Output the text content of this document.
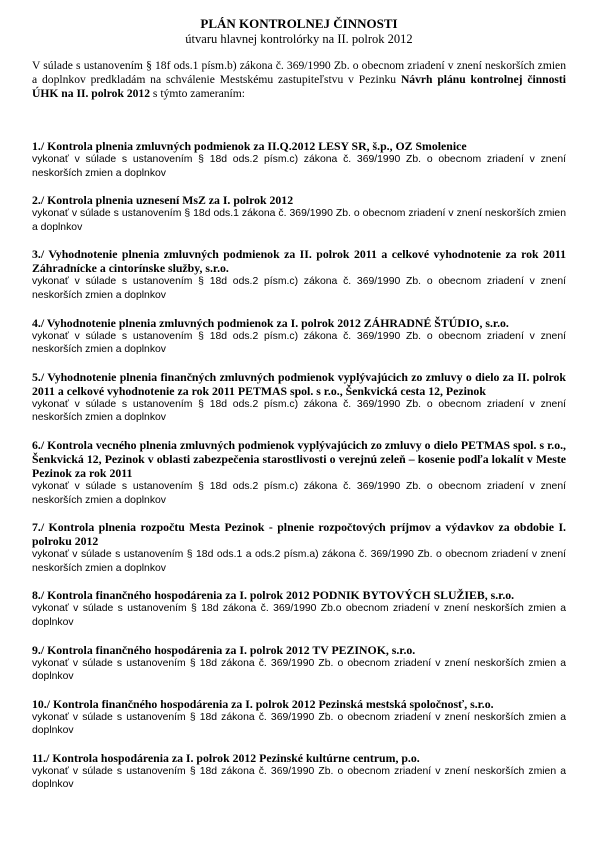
PLÁN KONTROLNEJ ČINNOSTI

útvaru hlavnej kontrolórky na II. polrok 2012

V súlade s ustanovením § 18f ods.1 písm.b) zákona č. 369/1990 Zb. o obecnom zriadení v znení neskorších zmien a doplnkov predkladám na schválenie Mestskému zastupiteľstvu v Pezinku Návrh plánu kontrolnej činnosti ÚHK na II. polrok 2012 s týmto zameraním:

1./ Kontrola plnenia zmluvných podmienok za II.Q.2012 LESY SR, š.p., OZ Smolenice
vykonať v súlade s ustanovením § 18d ods.2 písm.c) zákona č. 369/1990 Zb. o obecnom zriadení v znení neskorších zmien a doplnkov
2./ Kontrola plnenia uznesení MsZ za I. polrok 2012
vykonať v súlade s ustanovením § 18d ods.1 zákona č. 369/1990 Zb. o obecnom zriadení v znení neskorších zmien a doplnkov
3./ Vyhodnotenie plnenia zmluvných podmienok za II. polrok 2011 a celkové vyhodnotenie za rok 2011 Záhradnícke a cintorínske služby, s.r.o.
vykonať v súlade s ustanovením § 18d ods.2 písm.c) zákona č. 369/1990 Zb. o obecnom zriadení v znení neskorších zmien a doplnkov
4./ Vyhodnotenie plnenia zmluvných podmienok za I. polrok 2012 ZÁHRADNÉ ŠTÚDIO, s.r.o.
vykonať v súlade s ustanovením § 18d ods.2 písm.c) zákona č. 369/1990 Zb. o obecnom zriadení v znení neskorších zmien a doplnkov
5./ Vyhodnotenie plnenia finančných zmluvných podmienok vyplývajúcich zo zmluvy o dielo za II. polrok 2011 a celkové vyhodnotenie za rok 2011 PETMAS spol. s r.o., Šenkvická cesta 12, Pezinok
vykonať v súlade s ustanovením § 18d ods.2 písm.c) zákona č. 369/1990 Zb. o obecnom zriadení v znení neskorších zmien a doplnkov
6./ Kontrola vecného plnenia zmluvných podmienok vyplývajúcich zo zmluvy o dielo PETMAS spol. s r.o., Šenkvická 12, Pezinok v oblasti zabezpečenia starostlivosti o verejnú zeleň – kosenie podľa lokalít v Meste Pezinok za rok 2011
vykonať v súlade s ustanovením § 18d ods.2 písm.c) zákona č. 369/1990 Zb. o obecnom zriadení v znení neskorších zmien a doplnkov
7./ Kontrola plnenia rozpočtu Mesta Pezinok - plnenie rozpočtových príjmov a výdavkov za obdobie I. polroku 2012
vykonať v súlade s ustanovením § 18d ods.1 a ods.2 písm.a) zákona č. 369/1990 Zb. o obecnom zriadení v znení neskorších zmien a doplnkov
8./ Kontrola finančného hospodárenia za I. polrok 2012 PODNIK BYTOVÝCH SLUŽIEB, s.r.o.
vykonať v súlade s ustanovením § 18d zákona č. 369/1990 Zb.o obecnom zriadení v znení neskorších zmien a doplnkov
9./ Kontrola finančného hospodárenia za I. polrok 2012 TV PEZINOK, s.r.o.
vykonať v súlade s ustanovením § 18d zákona č. 369/1990 Zb. o obecnom zriadení v znení neskorších zmien a doplnkov
10./ Kontrola finančného hospodárenia za I. polrok 2012 Pezinská mestská spoločnosť, s.r.o.
vykonať v súlade s ustanovením § 18d zákona č. 369/1990 Zb. o obecnom zriadení v znení neskorších zmien a doplnkov
11./ Kontrola hospodárenia za I. polrok 2012 Pezinské kultúrne centrum, p.o.
vykonať v súlade s ustanovením § 18d zákona č. 369/1990 Zb. o obecnom zriadení v znení neskorších zmien a doplnkov
